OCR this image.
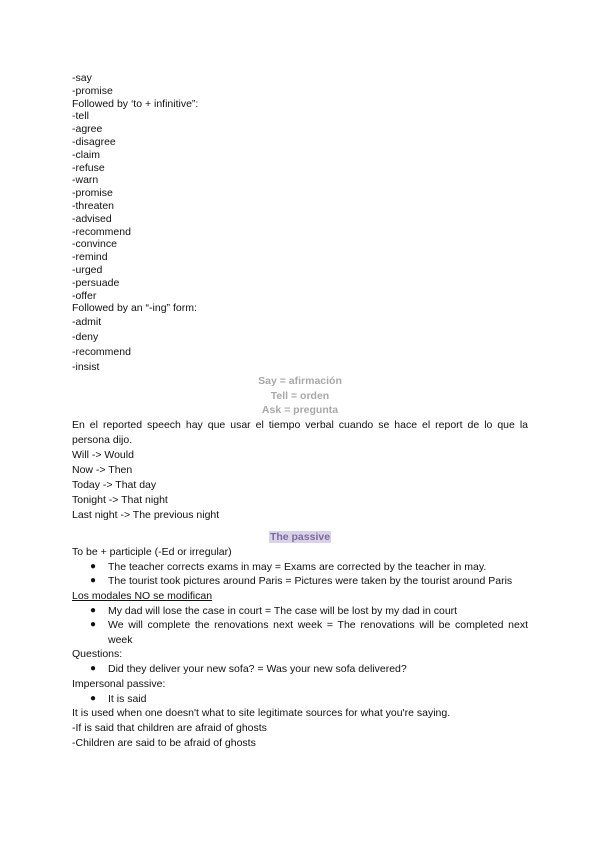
-say
-promise
Followed by ‘to + infinitive”:
-tell
-agree
-disagree
-claim
-refuse
-warn
-promise
-threaten
-advised
-recommend
-convince
-remind
-urged
-persuade
-offer
Followed by an “-ing” form:
-admit
-deny
-recommend
-insist
Say = afirmación
Tell = orden
Ask = pregunta
En el reported speech hay que usar el tiempo verbal cuando se hace el report de lo que la persona dijo.
Will -> Would
Now -> Then
Today -> That day
Tonight -> That night
Last night -> The previous night
The passive
To be + participle (-Ed or irregular)
● The teacher corrects exams in may = Exams are corrected by the teacher in may.
● The tourist took pictures around Paris = Pictures were taken by the tourist around Paris
Los modales NO se modifican
● My dad will lose the case in court = The case will be lost by my dad in court
● We will complete the renovations next week = The renovations will be completed next week
Questions:
● Did they deliver your new sofa? = Was your new sofa delivered?
Impersonal passive:
● It is said
It is used when one doesn't what to site legitimate sources for what you're saying.
-If is said that children are afraid of ghosts
-Children are said to be afraid of ghosts
